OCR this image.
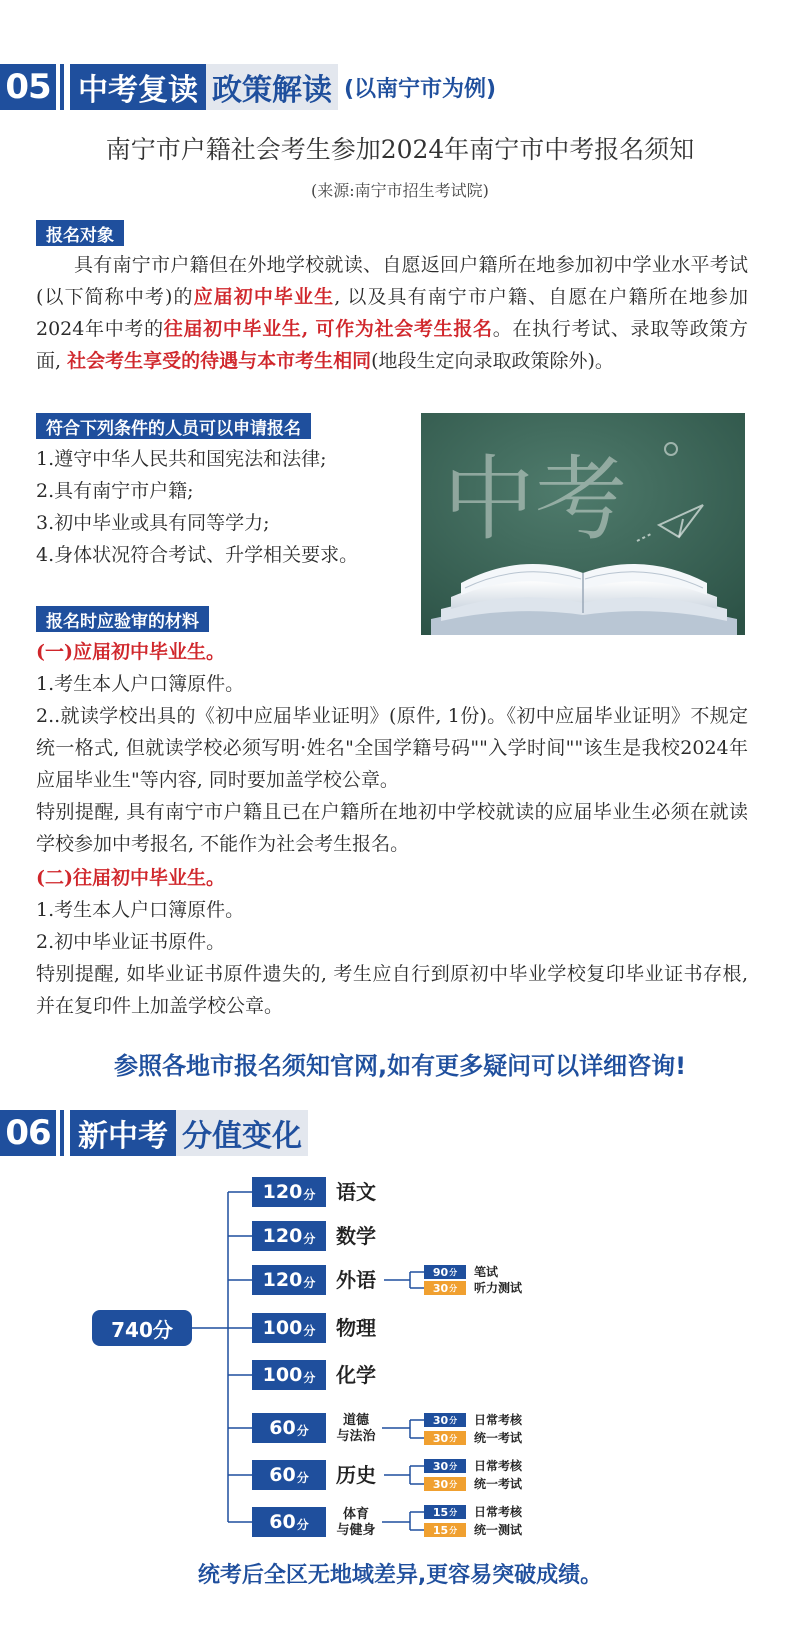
05 中考复读 政策解读 (以南宁市为例)
南宁市户籍社会考生参加2024年南宁市中考报名须知
(来源:南宁市招生考试院)
报名对象
具有南宁市户籍但在外地学校就读、自愿返回户籍所在地参加初中学业水平考试(以下简称中考)的应届初中毕业生, 以及具有南宁市户籍、自愿在户籍所在地参加2024年中考的往届初中毕业生, 可作为社会考生报名。在执行考试、录取等政策方面, 社会考生享受的待遇与本市考生相同(地段生定向录取政策除外)。
符合下列条件的人员可以申请报名
1.遵守中华人民共和国宪法和法律;
2.具有南宁市户籍;
3.初中毕业或具有同等学力;
4.身体状况符合考试、升学相关要求。
中考
报名时应验审的材料
(一)应届初中毕业生。
1.考生本人户口簿原件。
2..就读学校出具的《初中应届毕业证明》(原件, 1份)。《初中应届毕业证明》不规定统一格式, 但就读学校必须写明·姓名"全国学籍号码""入学时间""该生是我校2024年应届毕业生"等内容, 同时要加盖学校公章。
特别提醒, 具有南宁市户籍且已在户籍所在地初中学校就读的应届毕业生必须在就读学校参加中考报名, 不能作为社会考生报名。
(二)往届初中毕业生。
1.考生本人户口簿原件。
2.初中毕业证书原件。
特别提醒, 如毕业证书原件遗失的, 考生应自行到原初中毕业学校复印毕业证书存根, 并在复印件上加盖学校公章。
参照各地市报名须知官网,如有更多疑问可以详细咨询!
06 新中考 分值变化
740分
120 分 语文
120 分 数学
120 分 外语	90 分 笔试
30 分 听力测试
100 分 物理
100 分 化学
60 分
道德
与法治
30 分 日常考核
30 分 统一考试
60 分 历史	30 分 日常考核
30 分 统一考试
60 分
体育
与健身
15 分 日常考核
15 分 统一测试
统考后全区无地域差异,更容易突破成绩。
